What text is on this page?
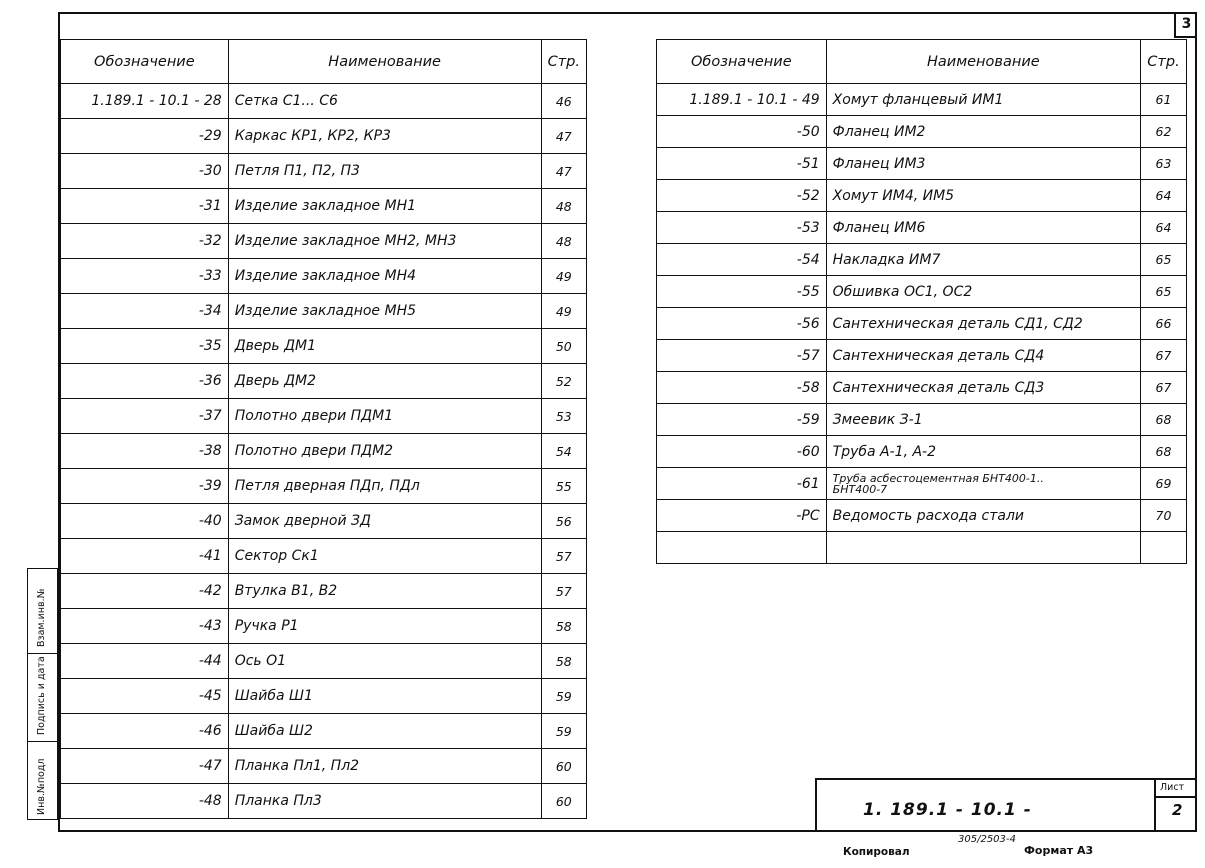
3
Обозначение	Наименование	Стр.
1.189.1 - 10.1 - 28	Сетка С1... С6	46
-29	Каркас КР1, КР2, КР3	47
-30	Петля П1, П2, П3	47
-31	Изделие закладное МН1	48
-32	Изделие закладное МН2, МН3	48
-33	Изделие закладное МН4	49
-34	Изделие закладное МН5	49
-35	Дверь ДМ1	50
-36	Дверь ДМ2	52
-37	Полотно двери ПДМ1	53
-38	Полотно двери ПДМ2	54
-39	Петля дверная ПДп, ПДл	55
-40	Замок дверной ЗД	56
-41	Сектор Ск1	57
-42	Втулка В1, В2	57
-43	Ручка Р1	58
-44	Ось О1	58
-45	Шайба Ш1	59
-46	Шайба Ш2	59
-47	Планка Пл1, Пл2	60
-48	Планка Пл3	60
Обозначение	Наименование	Стр.
1.189.1 - 10.1 - 49	Хомут фланцевый ИМ1	61
-50	Фланец ИМ2	62
-51	Фланец ИМ3	63
-52	Хомут ИМ4, ИМ5	64
-53	Фланец ИМ6	64
-54	Накладка ИМ7	65
-55	Обшивка ОС1, ОС2	65
-56	Сантехническая деталь СД1, СД2	66
-57	Сантехническая деталь СД4	67
-58	Сантехническая деталь СД3	67
-59	Змеевик З-1	68
-60	Труба А-1, А-2	68
-61	Труба асбестоцементная БНТ400-1..
БНТ400-7	69
-РС	Ведомость расхода стали	70

Взам.инв.№
Подпись и дата
Инв.№подл	1. 189.1 - 10.1 -
Лист
2
Копировал
305/2503-4
Формат А3
